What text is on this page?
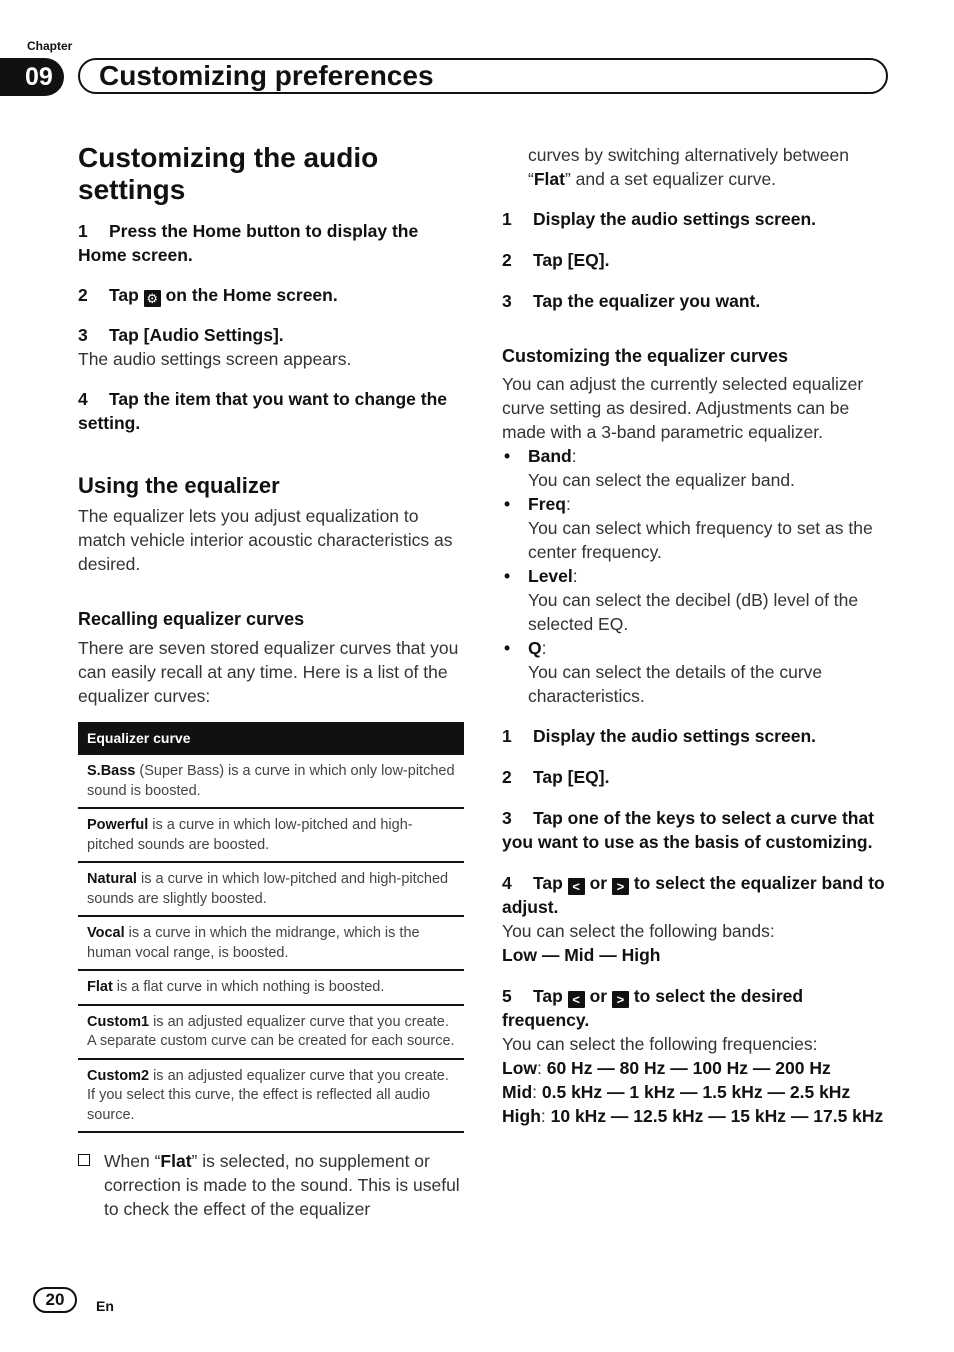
Chapter
09	Customizing preferences
Customizing the audio
settings
1 Press the Home button to display the Home screen.
2 Tap ⚙ on the Home screen.
3 Tap [Audio Settings].
The audio settings screen appears.
4 Tap the item that you want to change the setting.
Using the equalizer
The equalizer lets you adjust equalization to match vehicle interior acoustic characteristics as desired.
Recalling equalizer curves
There are seven stored equalizer curves that you can easily recall at any time. Here is a list of the equalizer curves:
Equalizer curve
S.Bass (Super Bass) is a curve in which only low-pitched sound is boosted.
Powerful is a curve in which low-pitched and high-pitched sounds are boosted.
Natural is a curve in which low-pitched and high-pitched sounds are slightly boosted.
Vocal is a curve in which the midrange, which is the human vocal range, is boosted.
Flat is a flat curve in which nothing is boosted.
Custom1 is an adjusted equalizer curve that you create. A separate custom curve can be created for each source.
Custom2 is an adjusted equalizer curve that you create. If you select this curve, the effect is reflected all audio source.
When “Flat” is selected, no supplement or correction is made to the sound. This is useful to check the effect of the equalizer
curves by switching alternatively between “Flat” and a set equalizer curve.
1 Display the audio settings screen.
2 Tap [EQ].
3 Tap the equalizer you want.
Customizing the equalizer curves
You can adjust the currently selected equalizer curve setting as desired. Adjustments can be made with a 3-band parametric equalizer.
• Band:
You can select the equalizer band.
• Freq:
You can select which frequency to set as the center frequency.
• Level:
You can select the decibel (dB) level of the selected EQ.
• Q:
You can select the details of the curve characteristics.
1 Display the audio settings screen.
2 Tap [EQ].
3 Tap one of the keys to select a curve that you want to use as the basis of customizing.
4 Tap < or > to select the equalizer band to adjust.
You can select the following bands:
Low — Mid — High
5 Tap < or > to select the desired frequency.
You can select the following frequencies:
Low: 60 Hz — 80 Hz — 100 Hz — 200 Hz
Mid: 0.5 kHz — 1 kHz — 1.5 kHz — 2.5 kHz
High: 10 kHz — 12.5 kHz — 15 kHz — 17.5 kHz
20	En
